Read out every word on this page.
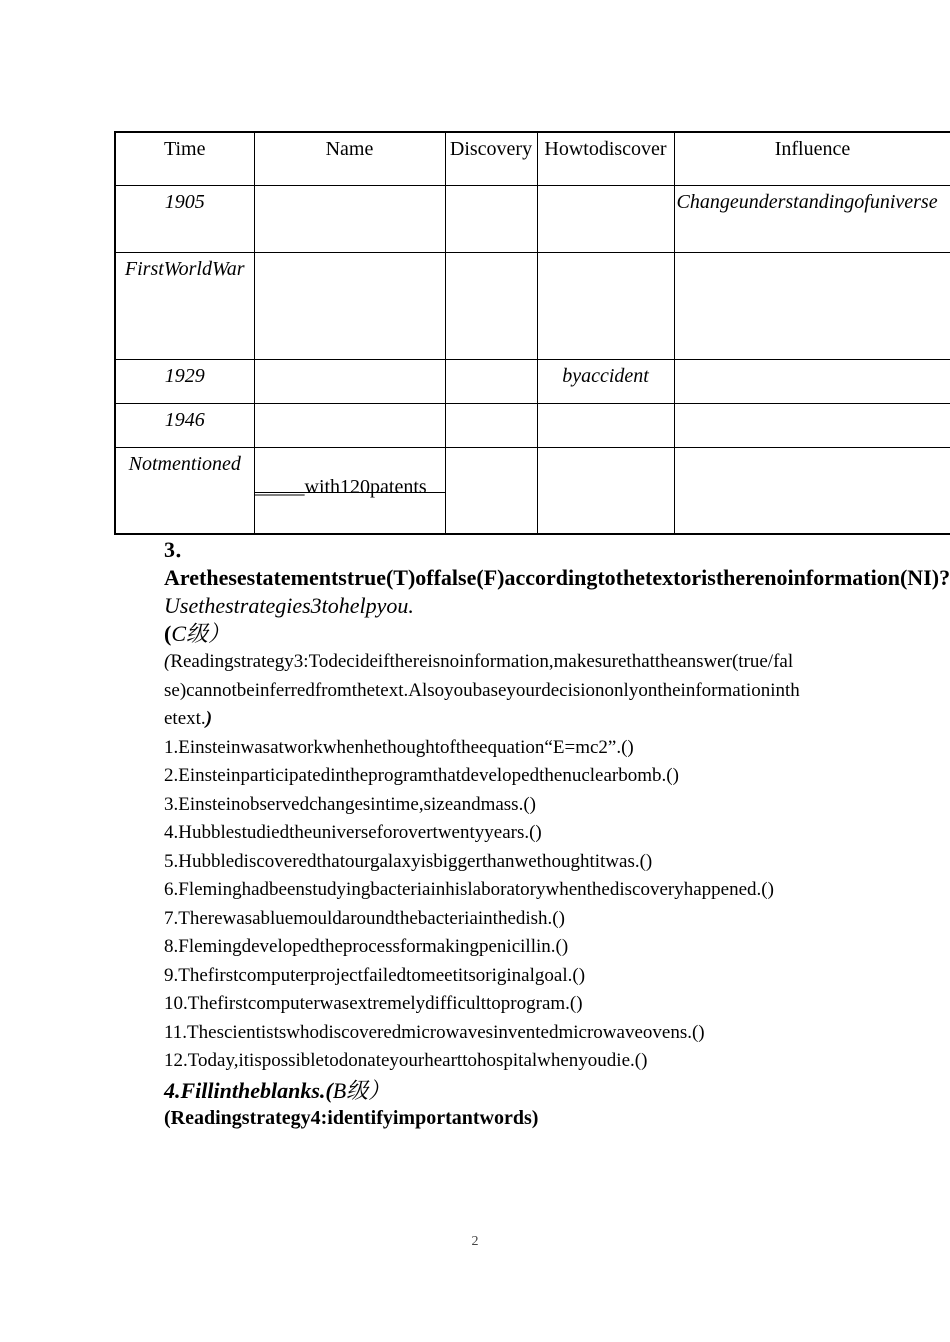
Time	Name	Discovery	Howtodiscover	Influence

1905				Changeunderstandingofuniverse

FirstWorldWar				

1929			byaccident	

1946				

Notmentioned	_____with120patents			

3．Arethesestatementstrue(T)offalse(F)accordingtothetextoristherenoinformation(NI)?Usethestrategies3tohelpyou.
(C级）
(Readingstrategy3:Todecideifthereisnoinformation,makesurethattheanswer(true/false)cannotbeinferredfromthetext.Alsoyoubaseyourdecisiononlyontheinformationinthetext.)
1.Einsteinwasatworkwhenhethoughtoftheequation“E=mc2”.()
2.Einsteinparticipatedintheprogramthatdevelopedthenuclearbomb.()
3.Einsteinobservedchangesintime,sizeandmass.()
4.Hubblestudiedtheuniverseforovertwentyyears.()
5.Hubblediscoveredthatourgalaxyisbiggerthanwethoughtitwas.()
6.Fleminghadbeenstudyingbacteriainhislaboratorywhenthediscoveryhappened.()
7.Therewasabluemouldaroundthebacteriainthedish.()
8.Flemingdevelopedtheprocessformakingpenicillin.()
9.Thefirstcomputerprojectfailedtomeetitsoriginalgoal.()
10.Thefirstcomputerwasextremelydifficulttoprogram.()
11.Thescientistswhodiscoveredmicrowavesinventedmicrowaveovens.()
12.Today,itispossibletodonateyourhearttohospitalwhenyoudie.()
4.Fillintheblanks.(B级）
(Readingstrategy4:identifyimportantwords)
2
